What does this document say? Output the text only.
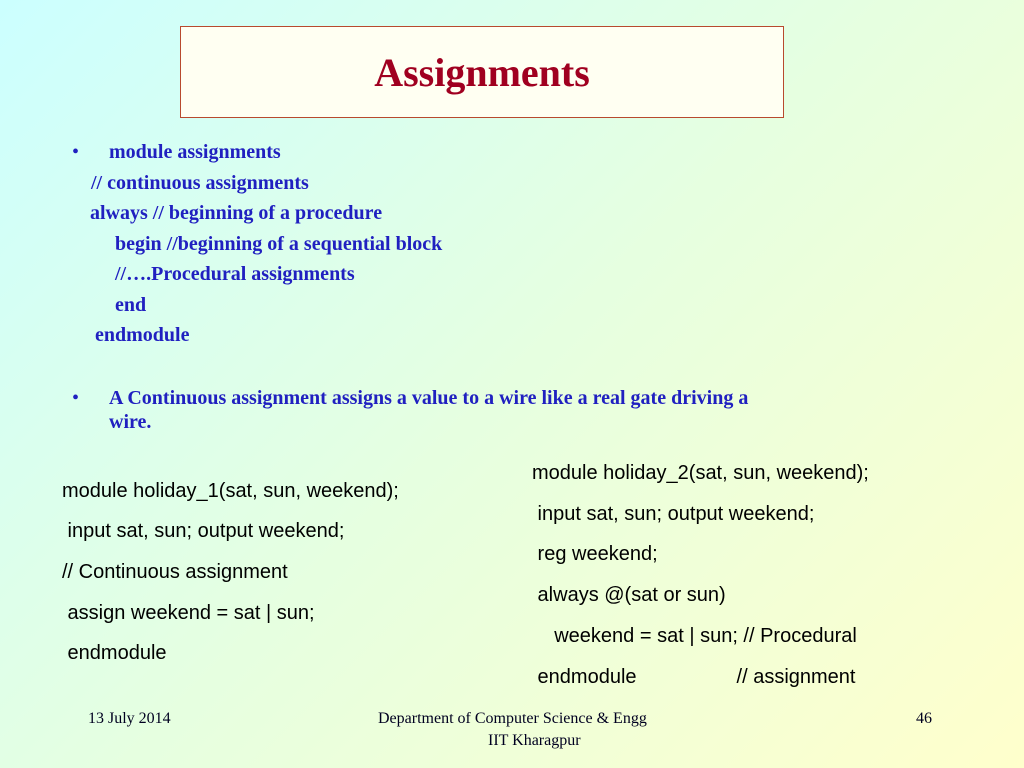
Assignments
• module assignments
// continuous assignments
always // beginning of a procedure
begin //beginning of a sequential block
//….Procedural assignments
end
endmodule
• A Continuous assignment assigns a value to a wire like a real gate driving a
wire.
module holiday_1(sat, sun, weekend);
input sat, sun; output weekend;
// Continuous assignment
assign weekend = sat | sun;
endmodule
module holiday_2(sat, sun, weekend);
input sat, sun; output weekend;
reg weekend;
always @(sat or sun)
weekend = sat | sun; // Procedural
endmodule                  // assignment
13 July 2014	Department of Computer Science & Engg
IIT Kharagpur
46
